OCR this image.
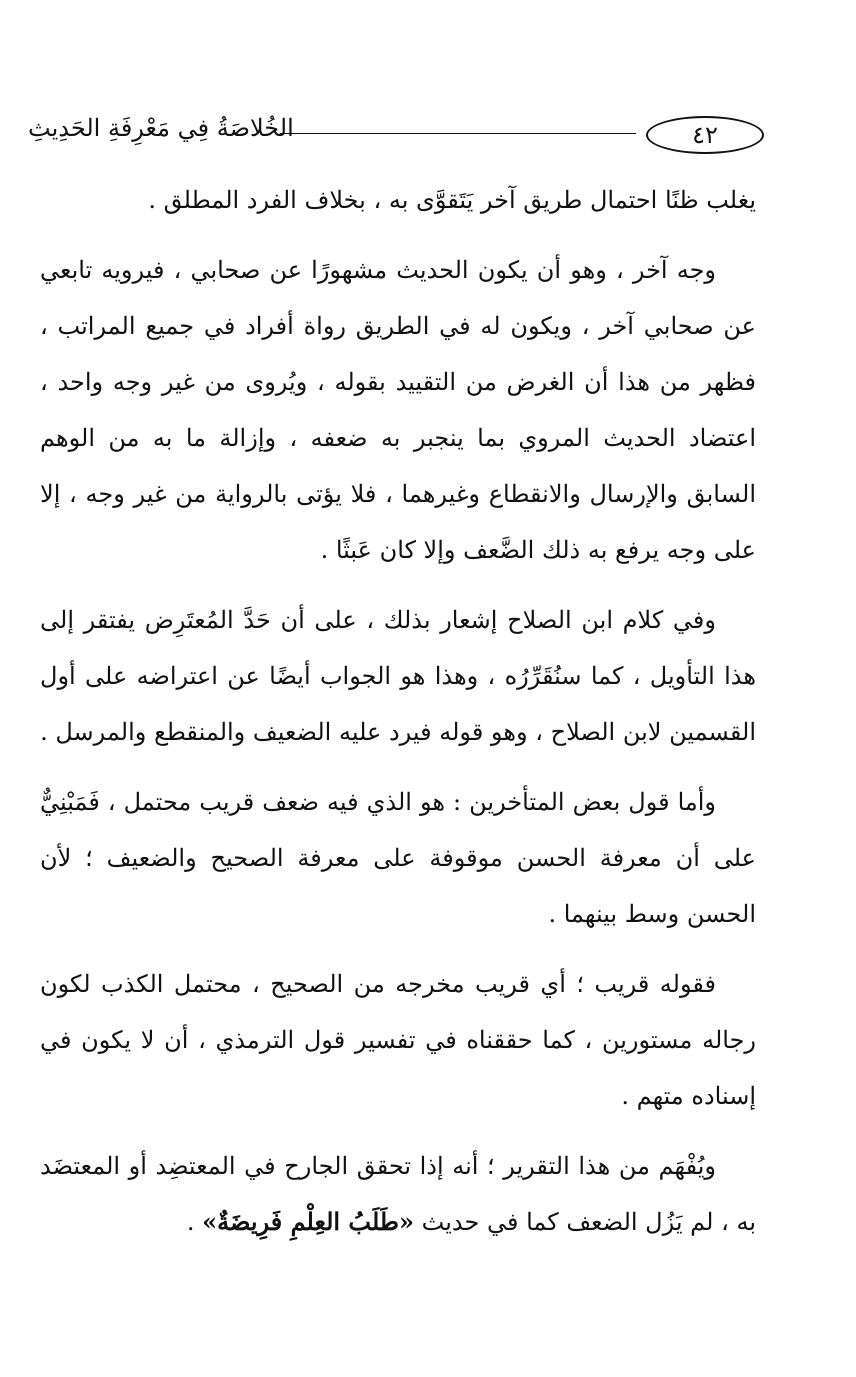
٤٢
الخُلاصَةُ فِي مَعْرِفَةِ الحَدِيثِ

يغلب ظنًا احتمال طريق آخر يَتَقوَّى به ، بخلاف الفرد المطلق .

وجه آخر ، وهو أن يكون الحديث مشهورًا عن صحابي ، فيرويه تابعي عن صحابي آخر ، ويكون له في الطريق رواة أفراد في جميع المراتب ، فظهر من هذا أن الغرض من التقييد بقوله ، ويُروى من غير وجه واحد ، اعتضاد الحديث المروي بما ينجبر به ضعفه ، وإزالة ما به من الوهم السابق والإرسال والانقطاع وغيرهما ، فلا يؤتى بالرواية من غير وجه ، إلا على وجه يرفع به ذلك الضَّعف وإلا كان عَبثًا .

وفي كلام ابن الصلاح إشعار بذلك ، على أن حَدَّ المُعتَرِض يفتقر إلى هذا التأويل ، كما سنُقَرِّرُه ، وهذا هو الجواب أيضًا عن اعتراضه على أول القسمين لابن الصلاح ، وهو قوله فيرد عليه الضعيف والمنقطع والمرسل .

وأما قول بعض المتأخرين : هو الذي فيه ضعف قريب محتمل ، فَمَبْنِيٌّ على أن معرفة الحسن موقوفة على معرفة الصحيح والضعيف ؛ لأن الحسن وسط بينهما .

فقوله قريب ؛ أي قريب مخرجه من الصحيح ، محتمل الكذب لكون رجاله مستورين ، كما حققناه في تفسير قول الترمذي ، أن لا يكون في إسناده متهم .

ويُفْهَم من هذا التقرير ؛ أنه إذا تحقق الجارح في المعتضِد أو المعتضَد به ، لم يَزُل الضعف كما في حديث «طَلَبُ العِلْمِ فَرِيضَةٌ» .
